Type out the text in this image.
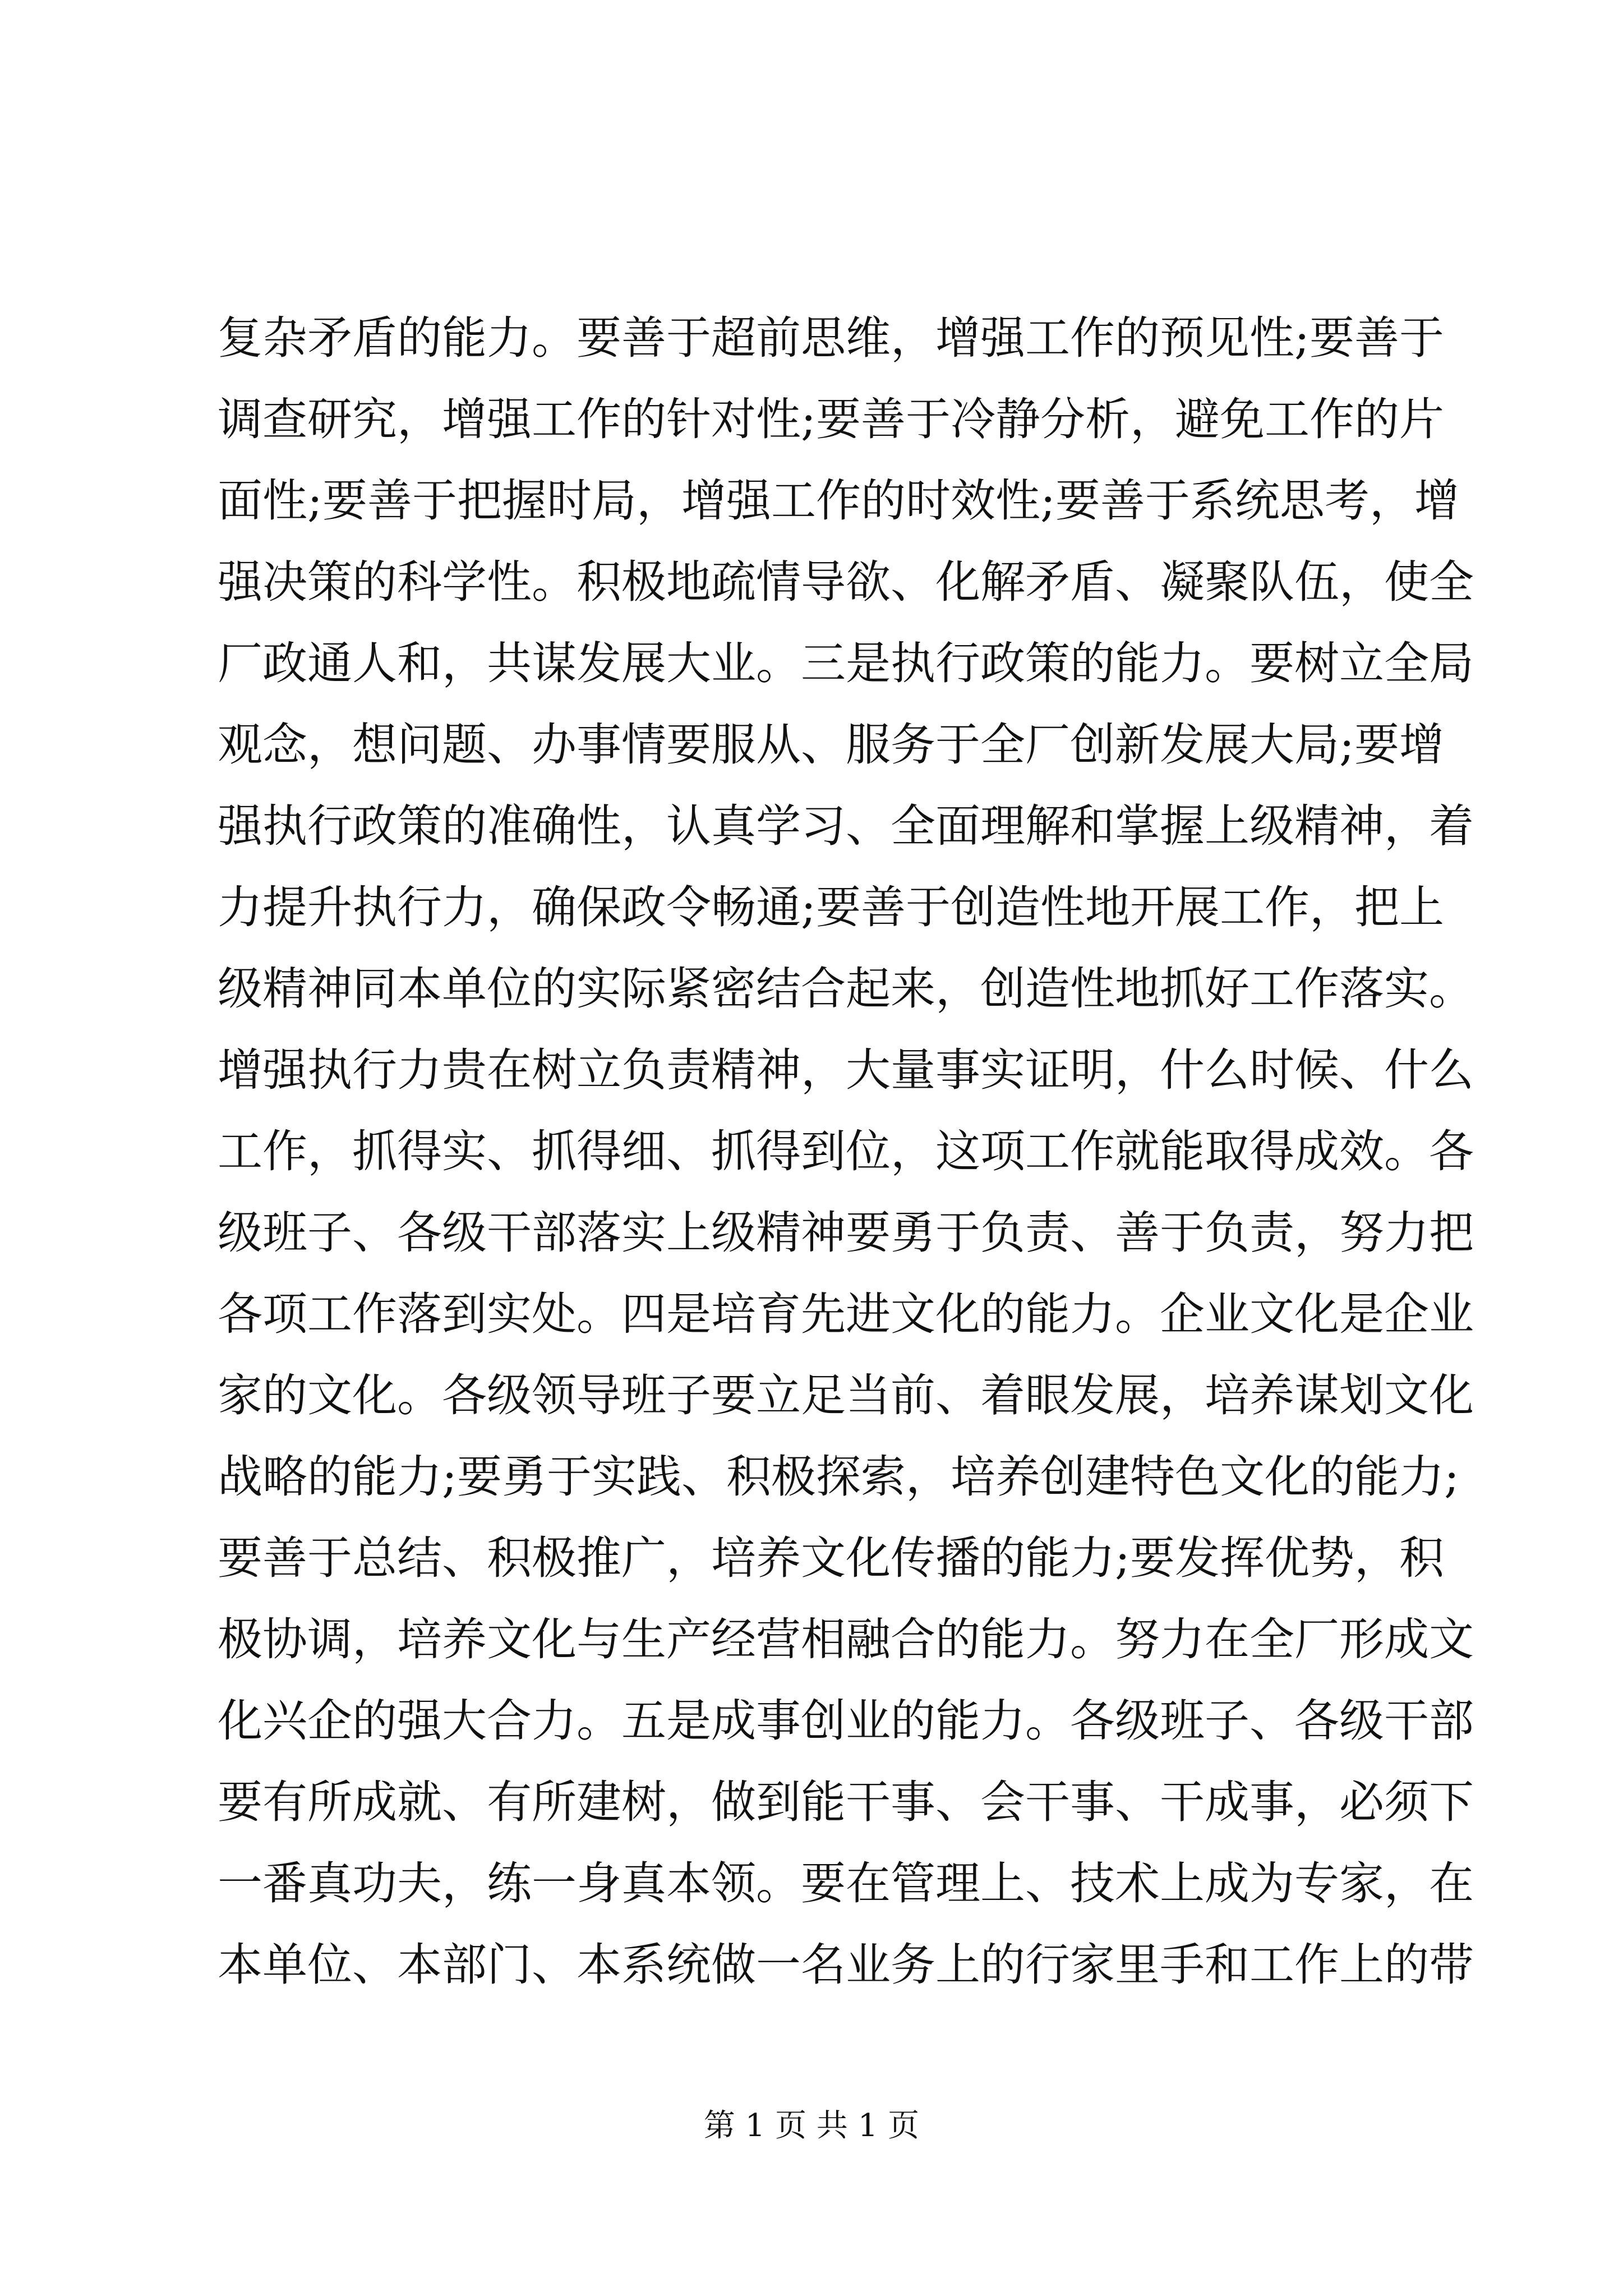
复杂矛盾的能力。要善于超前思维，增强工作的预见性;要善于
调查研究，增强工作的针对性;要善于冷静分析，避免工作的片
面性;要善于把握时局，增强工作的时效性;要善于系统思考，增
强决策的科学性。积极地疏情导欲、化解矛盾、凝聚队伍，使全
厂政通人和，共谋发展大业。三是执行政策的能力。要树立全局
观念，想问题、办事情要服从、服务于全厂创新发展大局;要增
强执行政策的准确性，认真学习、全面理解和掌握上级精神，着
力提升执行力，确保政令畅通;要善于创造性地开展工作，把上
级精神同本单位的实际紧密结合起来，创造性地抓好工作落实。
增强执行力贵在树立负责精神，大量事实证明，什么时候、什么
工作，抓得实、抓得细、抓得到位，这项工作就能取得成效。各
级班子、各级干部落实上级精神要勇于负责、善于负责，努力把
各项工作落到实处。四是培育先进文化的能力。企业文化是企业
家的文化。各级领导班子要立足当前、着眼发展，培养谋划文化
战略的能力;要勇于实践、积极探索，培养创建特色文化的能力;
要善于总结、积极推广，培养文化传播的能力;要发挥优势，积
极协调，培养文化与生产经营相融合的能力。努力在全厂形成文
化兴企的强大合力。五是成事创业的能力。各级班子、各级干部
要有所成就、有所建树，做到能干事、会干事、干成事，必须下
一番真功夫，练一身真本领。要在管理上、技术上成为专家，在
本单位、本部门、本系统做一名业务上的行家里手和工作上的带
第 1 页 共 1 页
